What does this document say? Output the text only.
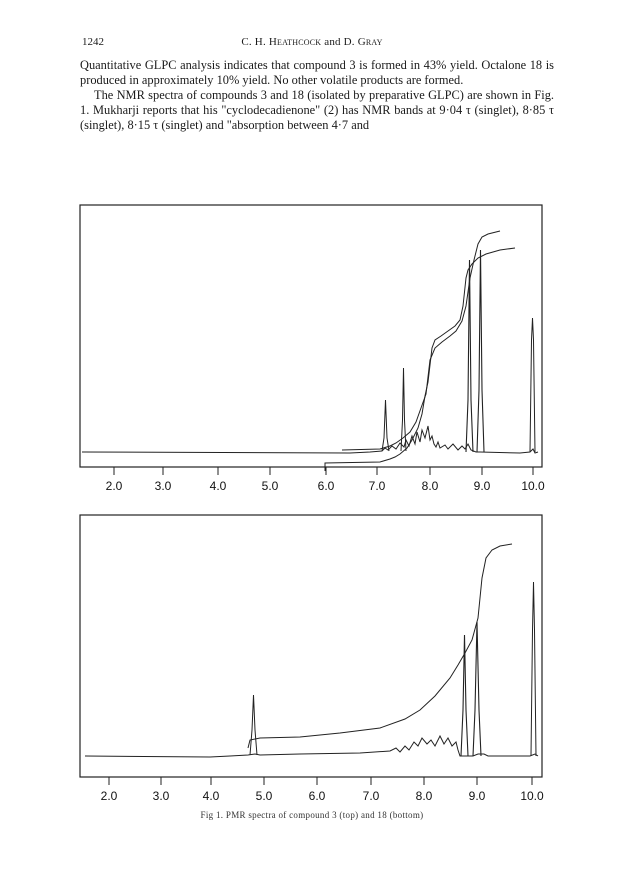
1242	C. H. Heathcock and D. Gray

Quantitative GLPC analysis indicates that compound 3 is formed in 43% yield. Octalone 18 is produced in approximately 10% yield. No other volatile products are formed.

The NMR spectra of compounds 3 and 18 (isolated by preparative GLPC) are shown in Fig. 1. Mukharji reports that his "cyclodecadienone" (2) has NMR bands at 9·04 τ (singlet), 8·85 τ (singlet), 8·15 τ (singlet) and "absorption between 4·7 and

2.0	3.0	4.0	5.0	6.0	7.0	8.0	9.0	10.0
2.0	3.0	4.0	5.0	6.0	7.0	8.0	9.0	10.0
Fig 1. PMR spectra of compound 3 (top) and 18 (bottom)
